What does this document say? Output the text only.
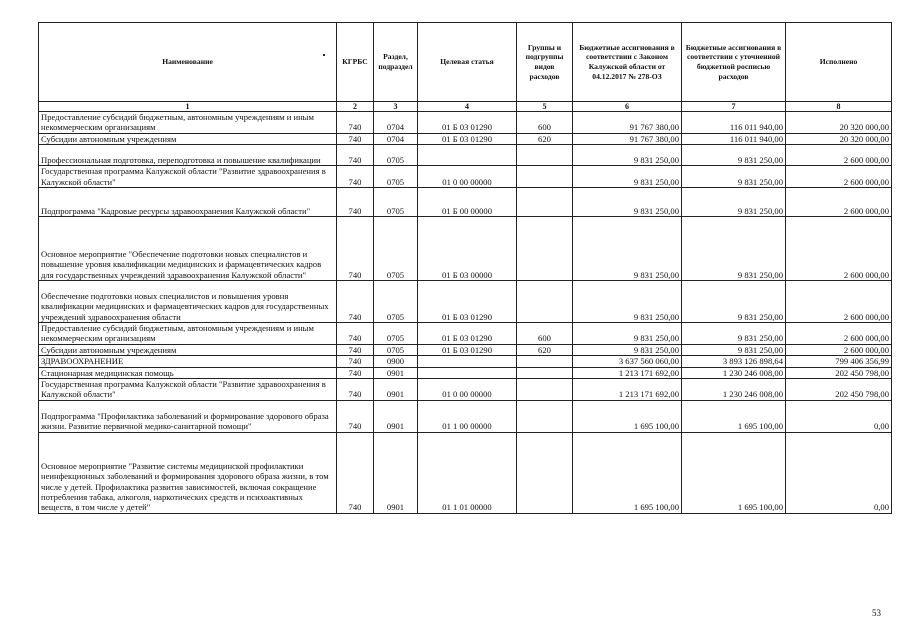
Наименование	КГРБС	Раздел, подраздел	Целевая статья	Группы и подгруппы видов расходов	Бюджетные ассигнования в соответствии с Законом Калужской области от 04.12.2017 № 278-ОЗ	Бюджетные ассигнования в соответствии с уточненной бюджетной росписью расходов	Исполнено
1	2	3	4	5	6	7	8
Предоставление субсидий бюджетным, автономным учреждениям и иным некоммерческим организациям	740	0704	01 Б 03 01290	600	91 767 380,00	116 011 940,00	20 320 000,00
Субсидии автономным учреждениям	740	0704	01 Б 03 01290	620	91 767 380,00	116 011 940,00	20 320 000,00
Профессиональная подготовка, переподготовка и повышение квалификации	740	0705			9 831 250,00	9 831 250,00	2 600 000,00
Государственная программа Калужской области "Развитие здравоохранения в Калужской области"	740	0705	01 0 00 00000		9 831 250,00	9 831 250,00	2 600 000,00
Подпрограмма "Кадровые ресурсы здравоохранения Калужской области"	740	0705	01 Б 00 00000		9 831 250,00	9 831 250,00	2 600 000,00
Основное мероприятие "Обеспечение подготовки новых специалистов и повышение уровня квалификации медицинских и фармацевтических кадров для государственных учреждений здравоохранения Калужской области"	740	0705	01 Б 03 00000		9 831 250,00	9 831 250,00	2 600 000,00
Обеспечение подготовки новых специалистов и повышения уровня квалификации медицинских и фармацевтических кадров для государственных учреждений здравоохранения области	740	0705	01 Б 03 01290		9 831 250,00	9 831 250,00	2 600 000,00
Предоставление субсидий бюджетным, автономным учреждениям и иным некоммерческим организациям	740	0705	01 Б 03 01290	600	9 831 250,00	9 831 250,00	2 600 000,00
Субсидии автономным учреждениям	740	0705	01 Б 03 01290	620	9 831 250,00	9 831 250,00	2 600 000,00
ЗДРАВООХРАНЕНИЕ	740	0900			3 637 560 060,00	3 893 126 898,64	799 406 356,99
Стационарная медицинская помощь	740	0901			1 213 171 692,00	1 230 246 008,00	202 450 798,00
Государственная программа Калужской области "Развитие здравоохранения в Калужской области"	740	0901	01 0 00 00000		1 213 171 692,00	1 230 246 008,00	202 450 798,00
Подпрограмма "Профилактика заболеваний и формирование здорового образа жизни. Развитие первичной медико-санитарной помощи"	740	0901	01 1 00 00000		1 695 100,00	1 695 100,00	0,00
Основное мероприятие "Развитие системы медицинской профилактики неинфекционных заболеваний и формирования здорового образа жизни, в том числе у детей. Профилактика развития зависимостей, включая сокращение потребления табака, алкоголя, наркотических средств и психоактивных веществ, в том числе у детей"	740	0901	01 1 01 00000		1 695 100,00	1 695 100,00	0,00
53
